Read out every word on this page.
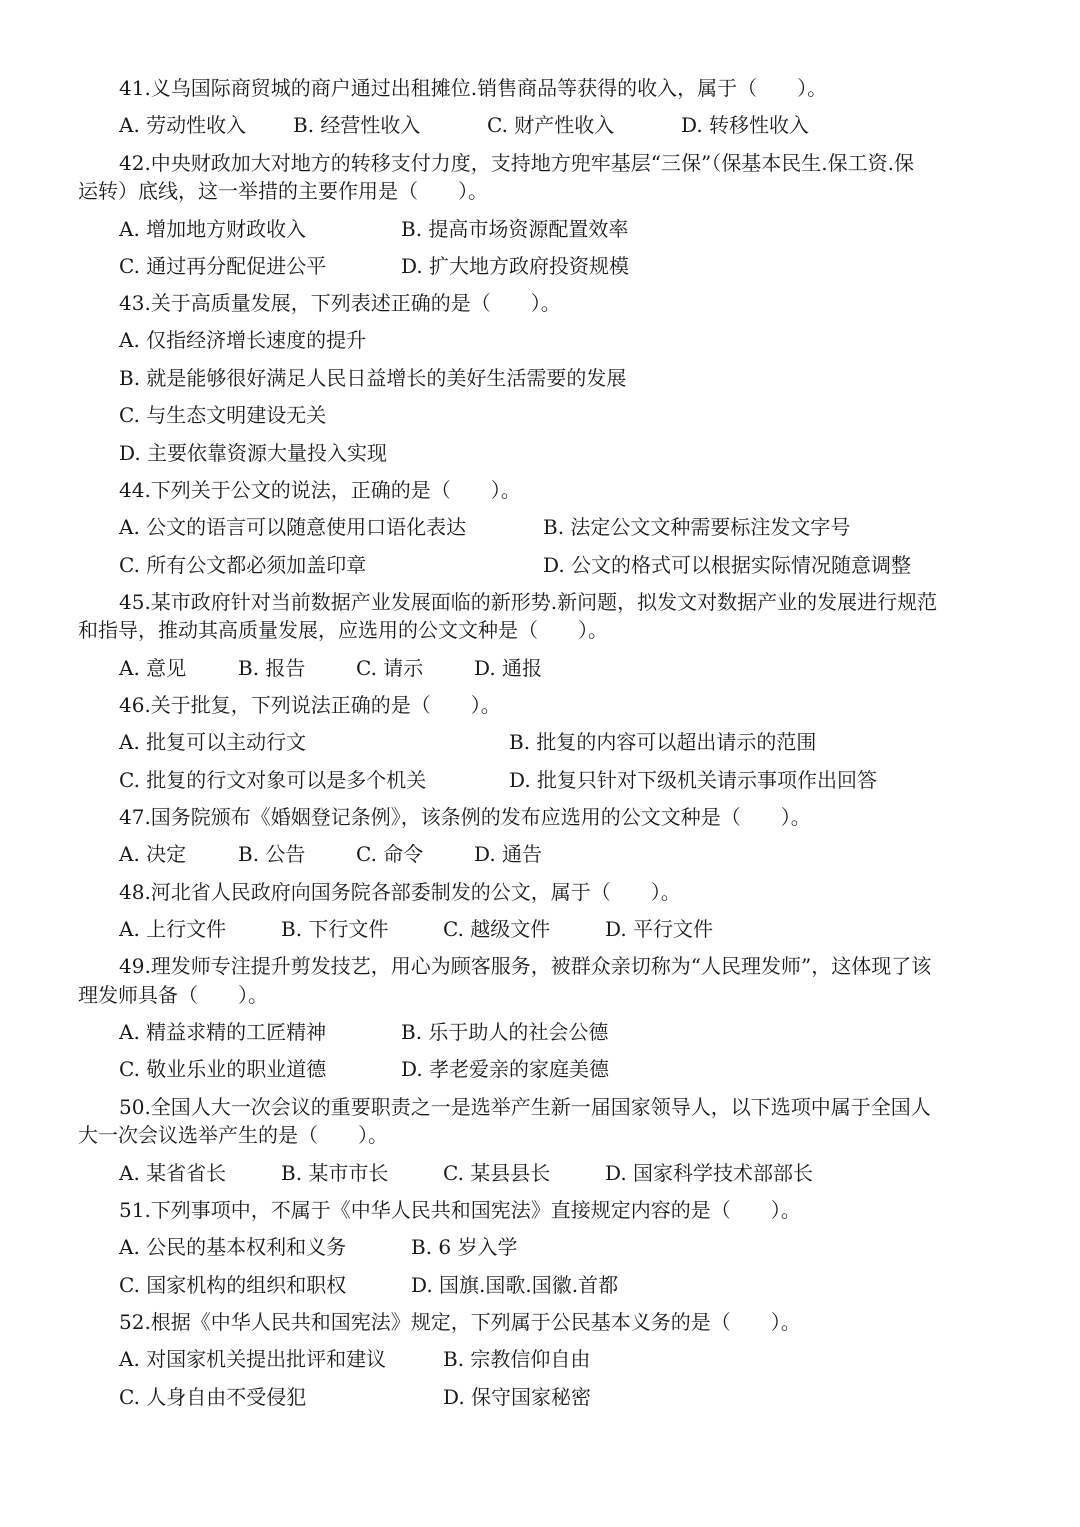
41.义乌国际商贸城的商户通过出租摊位.销售商品等获得的收入，属于（　　）。
A. 劳动性收入 B. 经营性收入	C. 财产性收入	D. 转移性收入
42.中央财政加大对地方的转移支付力度，支持地方兜牢基层“三保”（保基本民生.保工资.保
运转）底线，这一举措的主要作用是（　　）。
A. 增加地方财政收入	B. 提高市场资源配置效率
C. 通过再分配促进公平	D. 扩大地方政府投资规模
43.关于高质量发展，下列表述正确的是（　　）。
A. 仅指经济增长速度的提升
B. 就是能够很好满足人民日益增长的美好生活需要的发展
C. 与生态文明建设无关
D. 主要依靠资源大量投入实现
44.下列关于公文的说法，正确的是（　　）。
A. 公文的语言可以随意使用口语化表达	B. 法定公文文种需要标注发文字号
C. 所有公文都必须加盖印章	D. 公文的格式可以根据实际情况随意调整
45.某市政府针对当前数据产业发展面临的新形势.新问题，拟发文对数据产业的发展进行规范
和指导，推动其高质量发展，应选用的公文文种是（　　）。
A. 意见	B. 报告	C. 请示	D. 通报
46.关于批复，下列说法正确的是（　　）。
A. 批复可以主动行文	B. 批复的内容可以超出请示的范围
C. 批复的行文对象可以是多个机关	D. 批复只针对下级机关请示事项作出回答
47.国务院颁布《婚姻登记条例》，该条例的发布应选用的公文文种是（　　）。
A. 决定	B. 公告	C. 命令	D. 通告
48.河北省人民政府向国务院各部委制发的公文，属于（　　）。
A. 上行文件	B. 下行文件	C. 越级文件	D. 平行文件
49.理发师专注提升剪发技艺，用心为顾客服务，被群众亲切称为“人民理发师”，这体现了该
理发师具备（　　）。
A. 精益求精的工匠精神	B. 乐于助人的社会公德
C. 敬业乐业的职业道德	D. 孝老爱亲的家庭美德
50.全国人大一次会议的重要职责之一是选举产生新一届国家领导人，以下选项中属于全国人
大一次会议选举产生的是（　　）。
A. 某省省长	B. 某市市长	C. 某县县长	D. 国家科学技术部部长
51.下列事项中，不属于《中华人民共和国宪法》直接规定内容的是（　　）。
A. 公民的基本权利和义务	B. 6 岁入学
C. 国家机构的组织和职权	D. 国旗.国歌.国徽.首都
52.根据《中华人民共和国宪法》规定，下列属于公民基本义务的是（　　）。
A. 对国家机关提出批评和建议	B. 宗教信仰自由
C. 人身自由不受侵犯	D. 保守国家秘密
